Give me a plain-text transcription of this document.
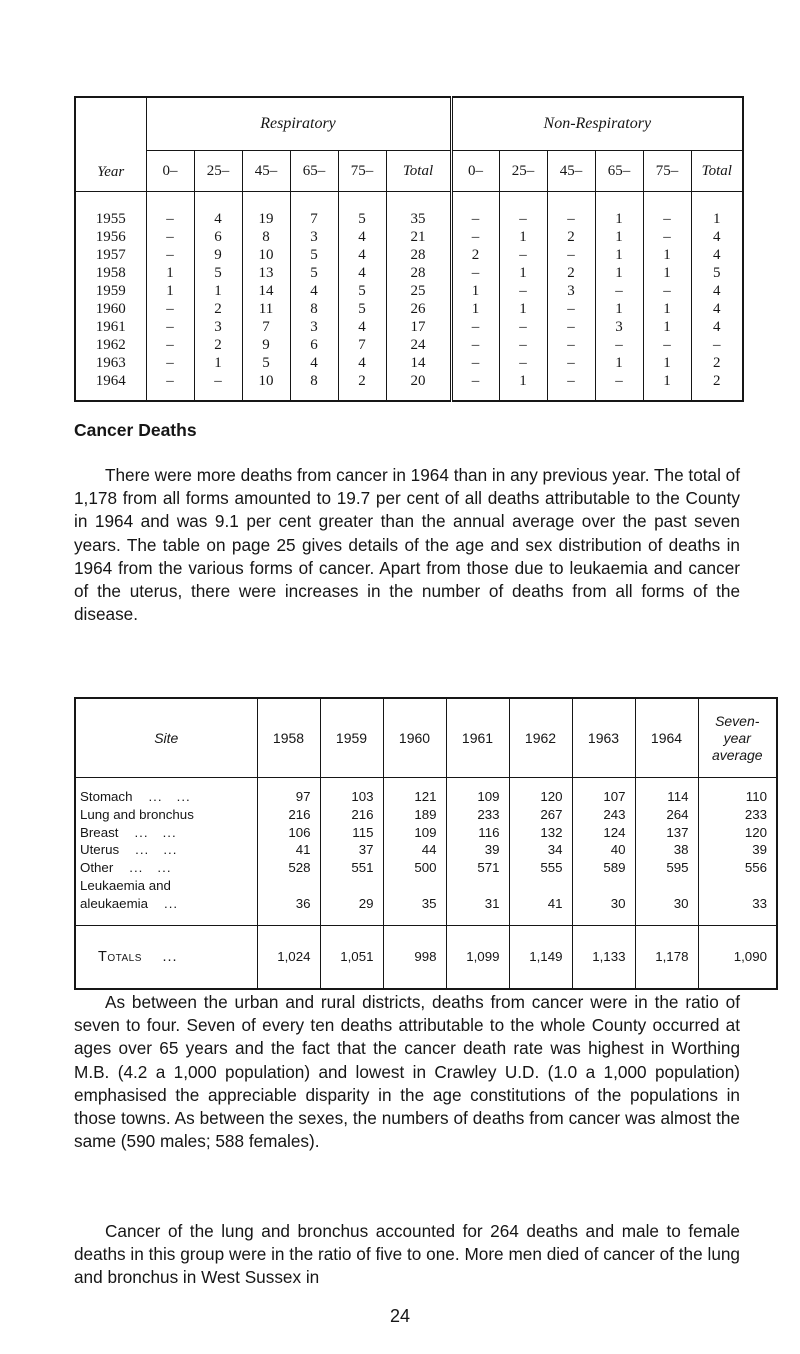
Year	Respiratory						Non-Respiratory					
	0–	25–	45–	65–	75–	Total	0–	25–	45–	65–	75–	Total
1955	–	4	19	7	5	35	–	–	–	1	–	1
1956	–	6	8	3	4	21	–	1	2	1	–	4
1957	–	9	10	5	4	28	2	–	–	1	1	4
1958	1	5	13	5	4	28	–	1	2	1	1	5
1959	1	1	14	4	5	25	1	–	3	–	–	4
1960	–	2	11	8	5	26	1	1	–	1	1	4
1961	–	3	7	3	4	17	–	–	–	3	1	4
1962	–	2	9	6	7	24	–	–	–	–	–	–
1963	–	1	5	4	4	14	–	–	–	1	1	2
1964	–	–	10	8	2	20	–	1	–	–	1	2
Cancer Deaths

There were more deaths from cancer in 1964 than in any previous year. The total of 1,178 from all forms amounted to 19.7 per cent of all deaths attributable to the County in 1964 and was 9.1 per cent greater than the annual average over the past seven years. The table on page 25 gives details of the age and sex distribution of deaths in 1964 from the various forms of cancer. Apart from those due to leukaemia and cancer of the uterus, there were increases in the number of deaths from all forms of the disease.

Site	1958	1959	1960	1961	1962	1963	1964	Seven-
year
average
Stomach ...   ...	97	103	121	109	120	107	114	110
Lung and bronchus	216	216	189	233	267	243	264	233
Breast ...   ...	106	115	109	116	132	124	137	120
Uterus ...   ...	41	37	44	39	34	40	38	39
Other ...   ...	528	551	500	571	555	589	595	556
Leukaemia and								
aleukaemia ...	36	29	35	31	41	30	30	33
Totals ...	1,024	1,051	998	1,099	1,149	1,133	1,178	1,090

As between the urban and rural districts, deaths from cancer were in the ratio of seven to four. Seven of every ten deaths attributable to the whole County occurred at ages over 65 years and the fact that the cancer death rate was highest in Worthing M.B. (4.2 a 1,000 population) and lowest in Crawley U.D. (1.0 a 1,000 population) emphasised the appreciable disparity in the age constitutions of the populations in those towns. As between the sexes, the numbers of deaths from cancer was almost the same (590 males; 588 females).

Cancer of the lung and bronchus accounted for 264 deaths and male to female deaths in this group were in the ratio of five to one. More men died of cancer of the lung and bronchus in West Sussex in

24
